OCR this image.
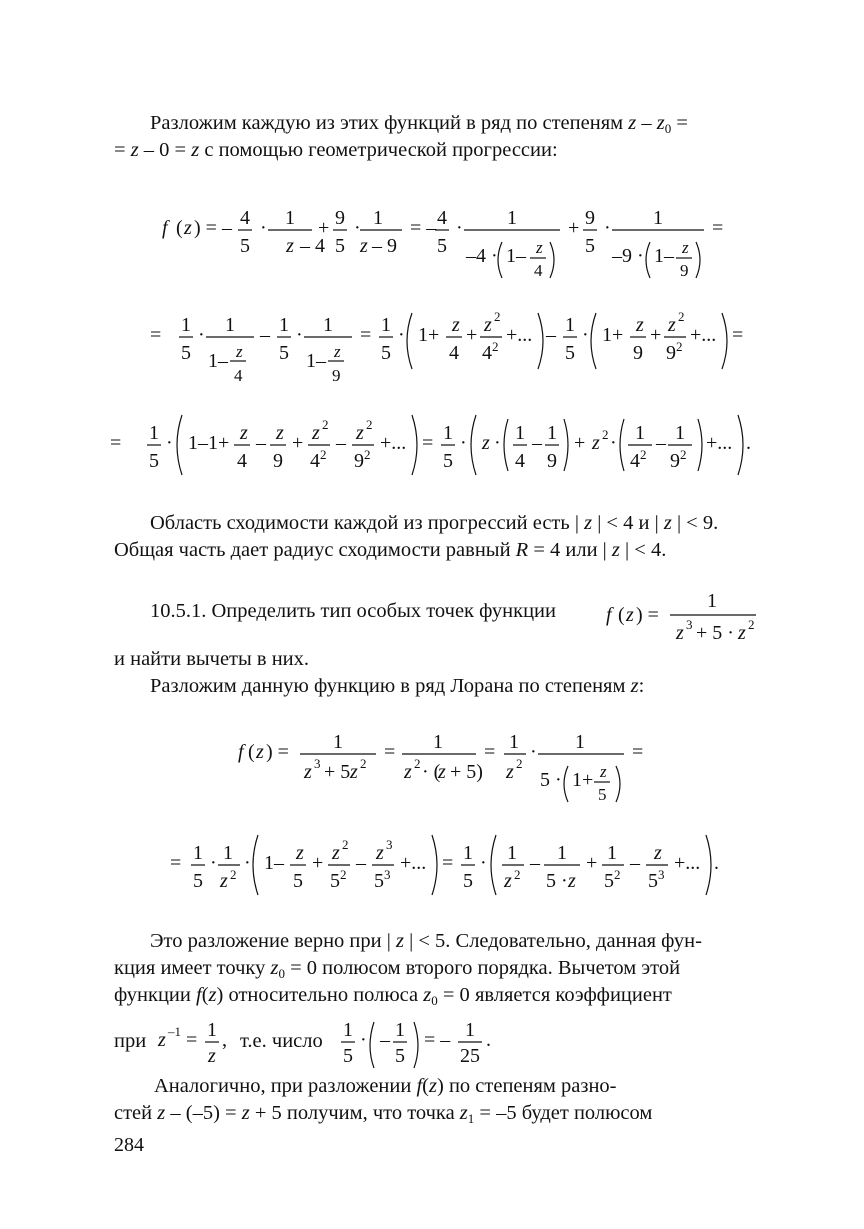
Разложим каждую из этих функций в ряд по степеням z – $z_0$ =
= z – 0 = z с помощью геометрической прогрессии:
f ( z ) = – 4
5
· 1
z – 4
+ 9
5
· 1
z – 9
= – 4
5
· 1
–4 · 1– z
4
+ 9
5
· 1
–9 · 1– z
9
=
= 1
5
· 1
1– z
4
– 1
5
· 1
1– z
9
= 1
5
· 1+ z
4
+ z 2
4 2
+... – 1
5
· 1+ z
9
+ z 2
9 2
+... =
= 1
5
· 1–1+ z
4
– z
9
+ z 2
4 2
– z 2
9 2
+... = 1
5
· z · 1
4
– 1
9
+ z 2 · 1
4 2
– 1
9 2
+... .
Область сходимости каждой из прогрессий есть | z | < 4 и | z | < 9.
Общая часть дает радиус сходимости равный R = 4 или | z | < 4.
10.5.1. Определить тип особых точек функции	f ( z ) =
1
z 3 + 5 · z 2
и найти вычеты в них.
Разложим данную функцию в ряд Лорана по степеням z:
f ( z ) = 1
z 3 + 5 z 2
= 1
z 2 · (
z + 5)
= 1
z 2
· 1
5 · 1+ z
5
=
= 1
5
· 1
z 2
· 1– z
5
+ z 2
5 2
– z 3
5 3
+... = 1
5
· 1
z 2
– 1
5 · z
+ 1
5 2
– z
5 3
+... .
Это разложение верно при | z | < 5. Следовательно, данная фун-
кция имеет точку $z_0 = 0$ полюсом второго порядка. Вычетом этой
функции f(z) относительно полюса $z_0 = 0$ является коэффициент
при z –1 = 1
z
, т.е. число 1
5
· – 1
5
= – 1
25
.
Аналогично, при разложении f(z) по степеням разно-
стей z – (–5) = z + 5 получим, что точка $z_1 = -5$ будет полюсом
284
